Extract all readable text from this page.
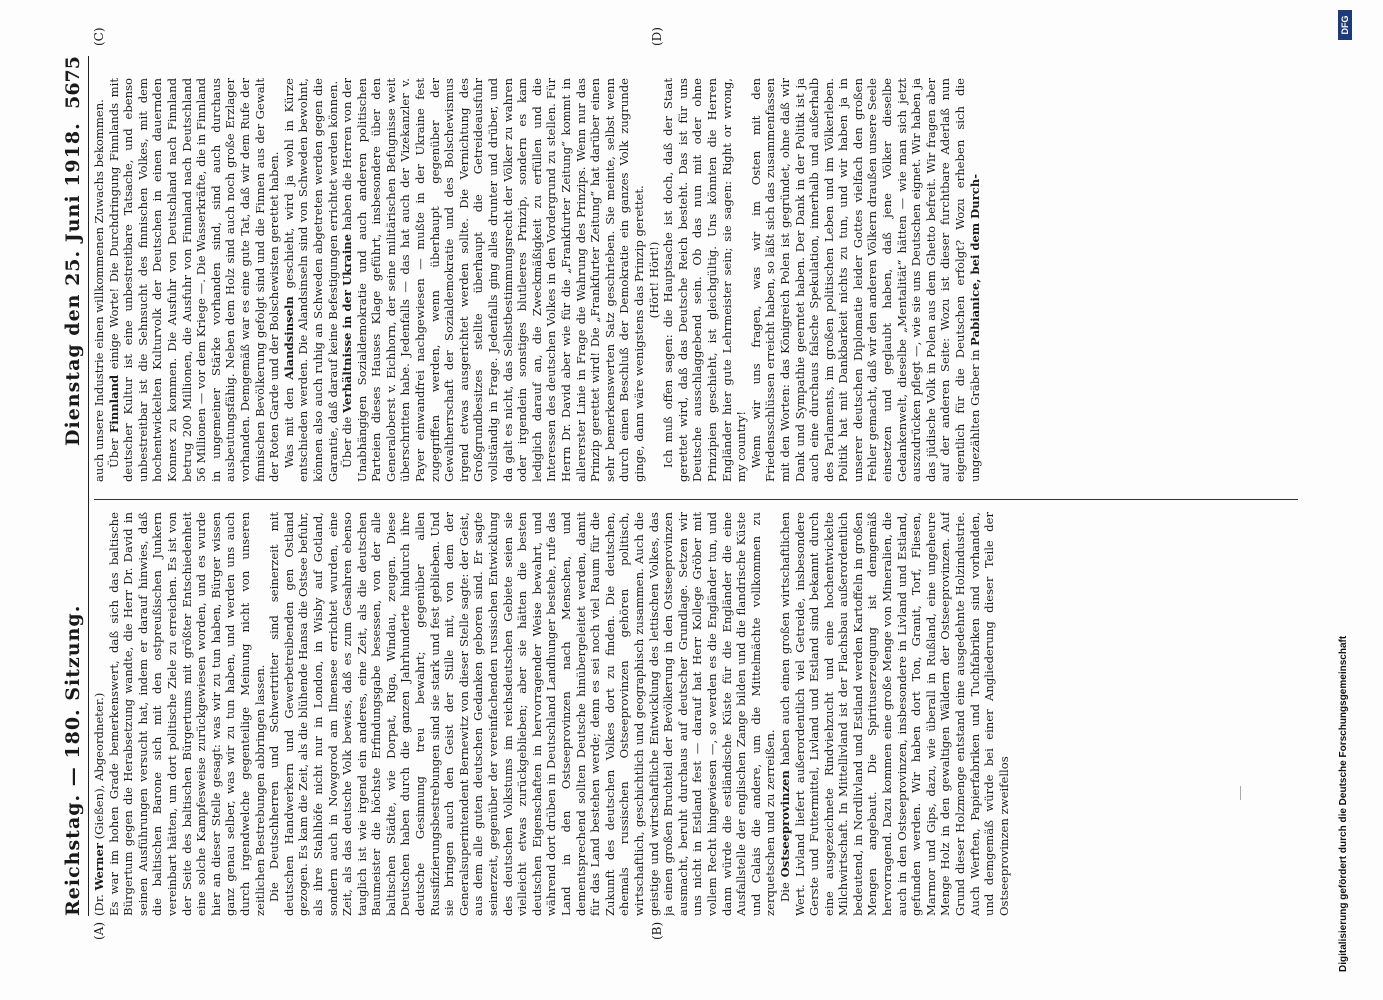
Reichstag. — 180. Sitzung.
Dienstag den 25. Juni 1918.
5675
(A)	(B)
(C)	(D)

(Dr. Werner (Gießen), Abgeordneter.) Es war im hohen Grade bemerkenswert, daß sich das baltische Bürgertum gegen die Herabsetzung wandte, die Herr Dr. David in seinen Ausführungen versucht hat, indem er darauf hinwies, daß die baltischen Barone sich mit den ostpreußischen Junkern vereinbart hätten, um dort politische Ziele zu erreichen. Es ist von der Seite des baltischen Bürgertums mit größter Entschiedenheit eine solche Kampfesweise zurückgewiesen worden, und es wurde hier an dieser Stelle gesagt: was wir zu tun haben, Bürger wissen ganz genau selber, was wir zu tun haben, und werden uns auch durch irgendwelche gegenteilige Meinung nicht von unseren zeitlichen Bestrebungen abbringen lassen. Die Deutschherren und Schwertritter sind seinerzeit mit deutschen Handwerkern und Gewerbetreibenden gen Ostland gezogen. Es kam die Zeit, als die blühende Hansa die Ostsee befuhr, als ihre Stahlhöfe nicht nur in London, in Wisby auf Gotland, sondern auch in Nowgorod am Ilmensee errichtet wurden, eine Zeit, als das deutsche Volk bewies, daß es zum Gesahren ebenso tauglich ist wie irgend ein anderes, eine Zeit, als die deutschen Baumeister die höchste Erfindungsgabe besessen, von der alle baltischen Städte, wie Dorpat, Riga, Windau, zeugen. Diese Deutschen haben durch die ganzen Jahrhunderte hindurch ihre deutsche Gesinnung treu bewahrt; gegenüber allen Russifizierungsbestrebungen sind sie stark und fest geblieben. Und sie bringen auch den Geist der Stille mit, von dem der Generalsuperintendent Bernewitz von dieser Stelle sagte: der Geist, aus dem alle guten deutschen Gedanken geboren sind. Er sagte seinerzeit, gegenüber der vereinfachenden russischen Entwicklung des deutschen Volkstums im reichsdeutschen Gebiete seien sie vielleicht etwas zurückgeblieben; aber sie hätten die besten deutschen Eigenschaften in hervorragender Weise bewahrt, und während dort drüben in Deutschland Landhunger bestehe, rufe das Land in den Ostseeprovinzen nach Menschen, und dementsprechend sollten Deutsche hinübergeleitet werden, damit für das Land bestehen werde; denn es sei noch viel Raum für die Zukunft des deutschen Volkes dort zu finden. Die deutschen, ehemals russischen Ostseeprovinzen gehören politisch, wirtschaftlich, geschichtlich und geographisch zusammen. Auch die geistige und wirtschaftliche Entwicklung des lettischen Volkes, das ja einen großen Bruchteil der Bevölkerung in den Ostseeprovinzen ausmacht, beruht durchaus auf deutscher Grundlage. Setzen wir uns nicht in Estland fest — darauf hat Herr Kollege Gröber mit vollem Recht hingewiesen —, so werden es die Engländer tun, und dann würde die estländische Küste für die Engländer die eine Ausfallstelle der englischen Zange bilden und die flandrische Küste und Calais die andere, um die Mittelmächte vollkommen zu zerquetschen und zu zerreißen. Die Ostseeprovinzen haben auch einen großen wirtschaftlichen Wert. Livland liefert außerordentlich viel Getreide, insbesondere Gerste und Futtermittel, Livland und Estland sind bekannt durch eine ausgezeichnete Rindviehzucht und eine hochentwickelte Milchwirtschaft. In Mittellivland ist der Flachsbau außerordentlich bedeutend, in Nordlivland und Estland werden Kartoffeln in großen Mengen angebaut. Die Spirituserzeugung ist demgemäß hervorragend. Dazu kommen eine große Menge von Mineralien, die auch in den Ostseeprovinzen, insbesondere in Livland und Estland, gefunden werden. Wir haben dort Ton, Granit, Torf, Fliesen, Marmor und Gips, dazu, wie überall in Rußland, eine ungeheure Menge Holz in den gewaltigen Wäldern der Ostseeprovinzen. Auf Grund dieser Holzmenge entstand eine ausgedehnte Holzindustrie. Auch Werften, Papierfabriken und Tuchfabriken sind vorhanden, und demgemäß würde bei einer Angliederung dieser Teile der Ostseeprovinzen zweifellos

auch unsere Industrie einen willkommenen Zuwachs bekommen. Über Finnland einige Worte! Die Durchdringung Finnlands mit deutscher Kultur ist eine unbestreitbare Tatsache, und ebenso unbestreitbar ist die Sehnsucht des finnischen Volkes, mit dem hochentwickelten Kulturvolk der Deutschen in einen dauernden Konnex zu kommen. Die Ausfuhr von Deutschland nach Finnland betrug 200 Millionen, die Ausfuhr von Finnland nach Deutschland 56 Millionen — vor dem Kriege —. Die Wasserkräfte, die in Finnland in ungemeiner Stärke vorhanden sind, sind auch durchaus ausbeutungsfähig. Neben dem Holz sind auch noch große Erzlager vorhanden. Demgemäß war es eine gute Tat, daß wir dem Rufe der finnischen Bevölkerung gefolgt sind und die Finnen aus der Gewalt der Roten Garde und der Bolschewisten gerettet haben. Was mit den Alandsinseln geschieht, wird ja wohl in Kürze entschieden werden. Die Alandsinseln sind von Schweden bewohnt, können also auch ruhig an Schweden abgetreten werden gegen die Garantie, daß darauf keine Befestigungen errichtet werden können. Über die Verhältnisse in der Ukraine haben die Herren von der Unabhängigen Sozialdemokratie und auch anderen politischen Parteien dieses Hauses Klage geführt, insbesondere über den Generaloberst v. Eichhorn, der seine militärischen Befugnisse weit überschritten habe. Jedenfalls — das hat auch der Vizekanzler v. Payer einwandfrei nachgewiesen — mußte in der Ukraine fest zugegriffen werden, wenn überhaupt gegenüber der Gewaltherrschaft der Sozialdemokratie und des Bolschewismus irgend etwas ausgerichtet werden sollte. Die Vernichtung des Großgrundbesitzes stellte überhaupt die Getreideausfuhr vollständig in Frage. Jedenfalls ging alles drunter und drüber, und da galt es nicht, das Selbstbestimmungsrecht der Völker zu wahren oder irgendein sonstiges blutleeres Prinzip, sondern es kam lediglich darauf an, die Zweckmäßigkeit zu erfüllen und die Interessen des deutschen Volkes in den Vordergrund zu stellen. Für Herrn Dr. David aber wie für die „Frankfurter Zeitung“ kommt in allererster Linie in Frage die Wahrung des Prinzips. Wenn nur das Prinzip gerettet wird! Die „Frankfurter Zeitung“ hat darüber einen sehr bemerkenswerten Satz geschrieben. Sie meinte, selbst wenn durch einen Beschluß der Demokratie ein ganzes Volk zugrunde ginge, dann wäre wenigstens das Prinzip gerettet. (Hört! Hört!) Ich muß offen sagen: die Hauptsache ist doch, daß der Staat gerettet wird, daß das Deutsche Reich besteht. Das ist für uns Deutsche ausschlaggebend sein. Ob das nun mit oder ohne Prinzipien geschieht, ist gleichgültig. Uns könnten die Herren Engländer hier gute Lehrmeister sein; sie sagen: Right or wrong, my country! Wenn wir uns fragen, was wir im Osten mit den Friedensschlüssen erreicht haben, so läßt sich das zusammenfassen mit den Worten: das Königreich Polen ist gegründet, ohne daß wir Dank und Sympathie geerntet haben. Der Dank in der Politik ist ja auch eine durchaus falsche Spekulation, innerhalb und außerhalb des Parlaments, im großen politischen Leben und im Völkerleben. Politik hat mit Dankbarkeit nichts zu tun, und wir haben ja in unserer deutschen Diplomatie leider Gottes vielfach den großen Fehler gemacht, daß wir den anderen Völkern draußen unsere Seele einsetzen und geglaubt haben, daß jene Völker dieselbe Gedankenwelt, dieselbe „Mentalität“ hätten — wie man sich jetzt auszudrücken pflegt —, wie sie uns Deutschen eignet. Wir haben ja das jüdische Volk in Polen aus dem Ghetto befreit. Wir fragen aber auf der anderen Seite: Wozu ist dieser furchtbare Aderlaß nun eigentlich für die Deutschen erfolgt? Wozu erheben sich die ungezählten Gräber in Pabianice, bei dem Durch-

Digitalisierung gefördert durch die Deutsche Forschungsgemeinschaft
DFG
